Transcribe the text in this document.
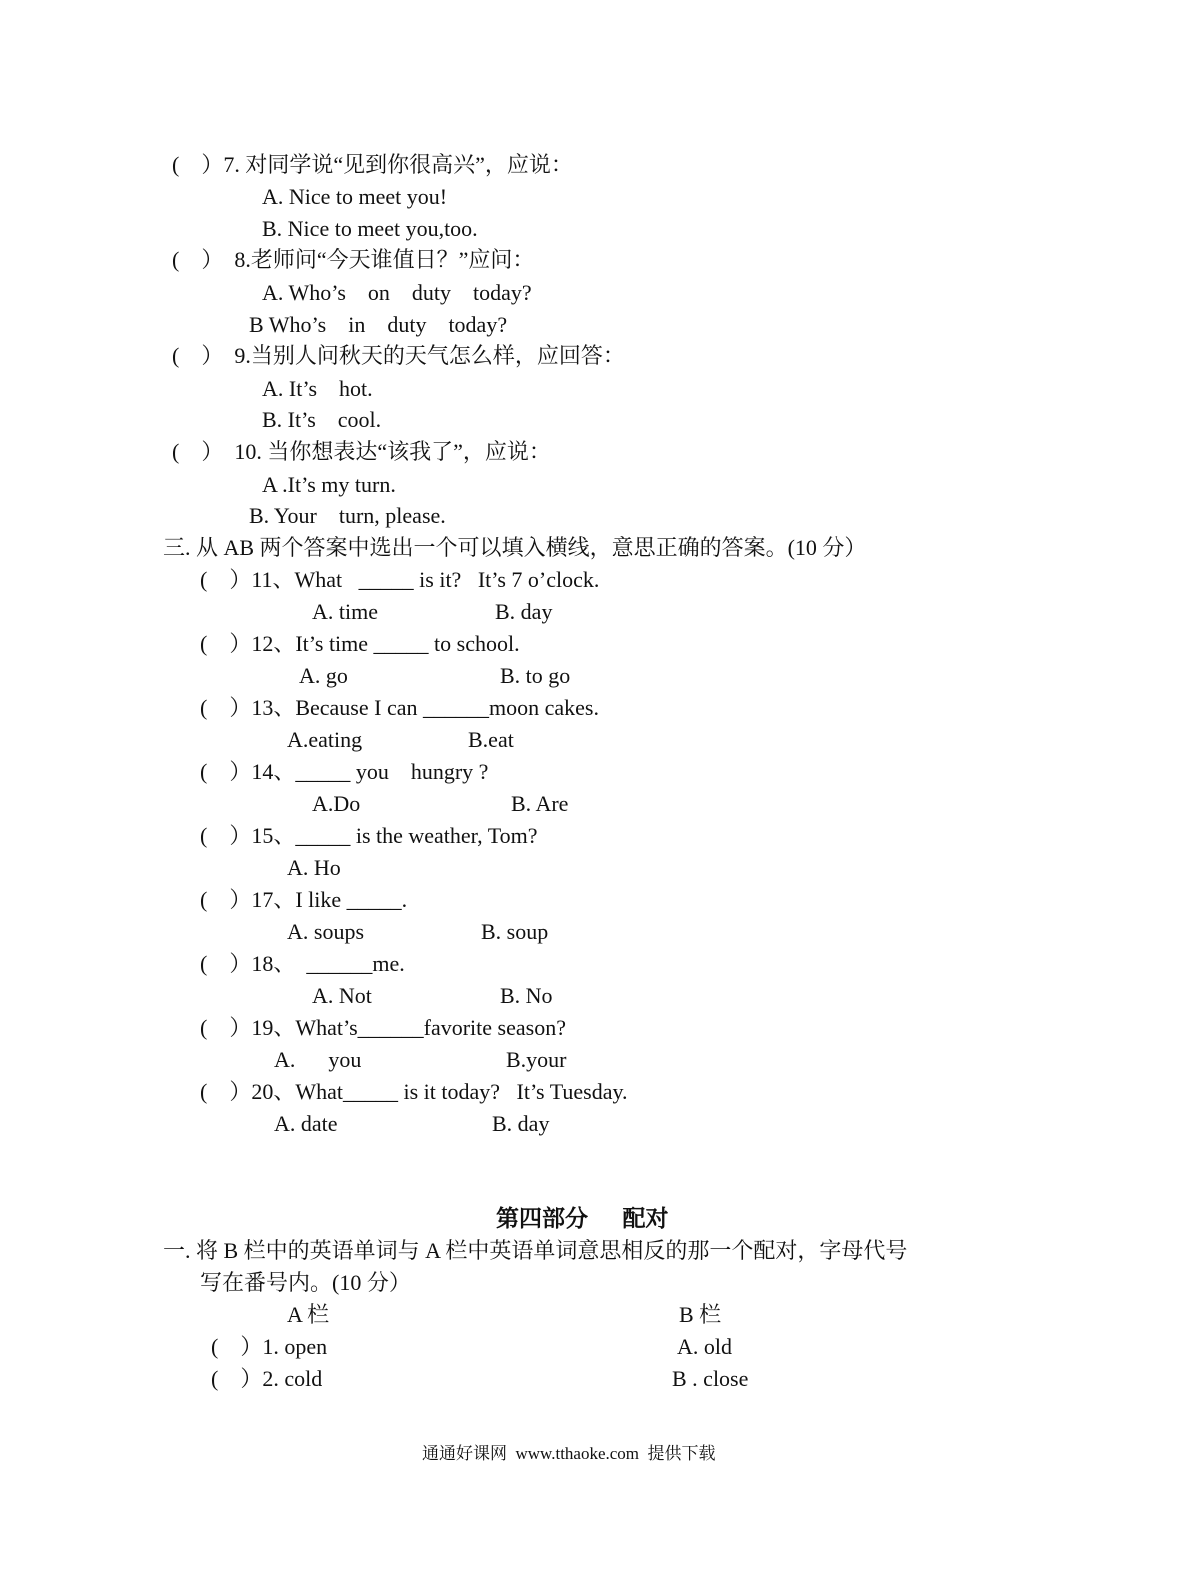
(　）7. 对同学说“见到你很高兴”，应说：
A. Nice to meet you!
B. Nice to meet you,too.
(　）  8.老师问“今天谁值日？”应问：
A. Who’s    on    duty    today?
B Who’s    in    duty    today?
(　）  9.当别人问秋天的天气怎么样，应回答：
A. It’s    hot.
B. It’s    cool.
(　）  10. 当你想表达“该我了”，应说：
A .It’s my turn.
B. Your    turn, please.
三. 从 AB 两个答案中选出一个可以填入横线，意思正确的答案。(10 分）
(　）11、What   _____ is it?   It’s 7 o’clock.
A. time	B. day
(　）12、It’s time _____ to school.
A. go	B. to go
(　）13、Because I can ______moon cakes.
A.eating	B.eat
(　）14、_____ you    hungry ?
A.Do	B. Are
(　）15、_____ is the weather, Tom?
A. Ho
(　）17、I like _____.
A. soups	B. soup
(　）18、  ______me.
A. Not	B. No
(　）19、What’s______favorite season?
A.      you	B.your
(　）20、What_____ is it today?   It’s Tuesday.
A. date	B. day
第四部分      配对
一. 将 B 栏中的英语单词与 A 栏中英语单词意思相反的那一个配对，字母代号
写在番号内。(10 分）
A 栏	B 栏
(　）1. open	A. old
(　）2. cold	B . close
通通好课网  www.tthaoke.com  提供下载
